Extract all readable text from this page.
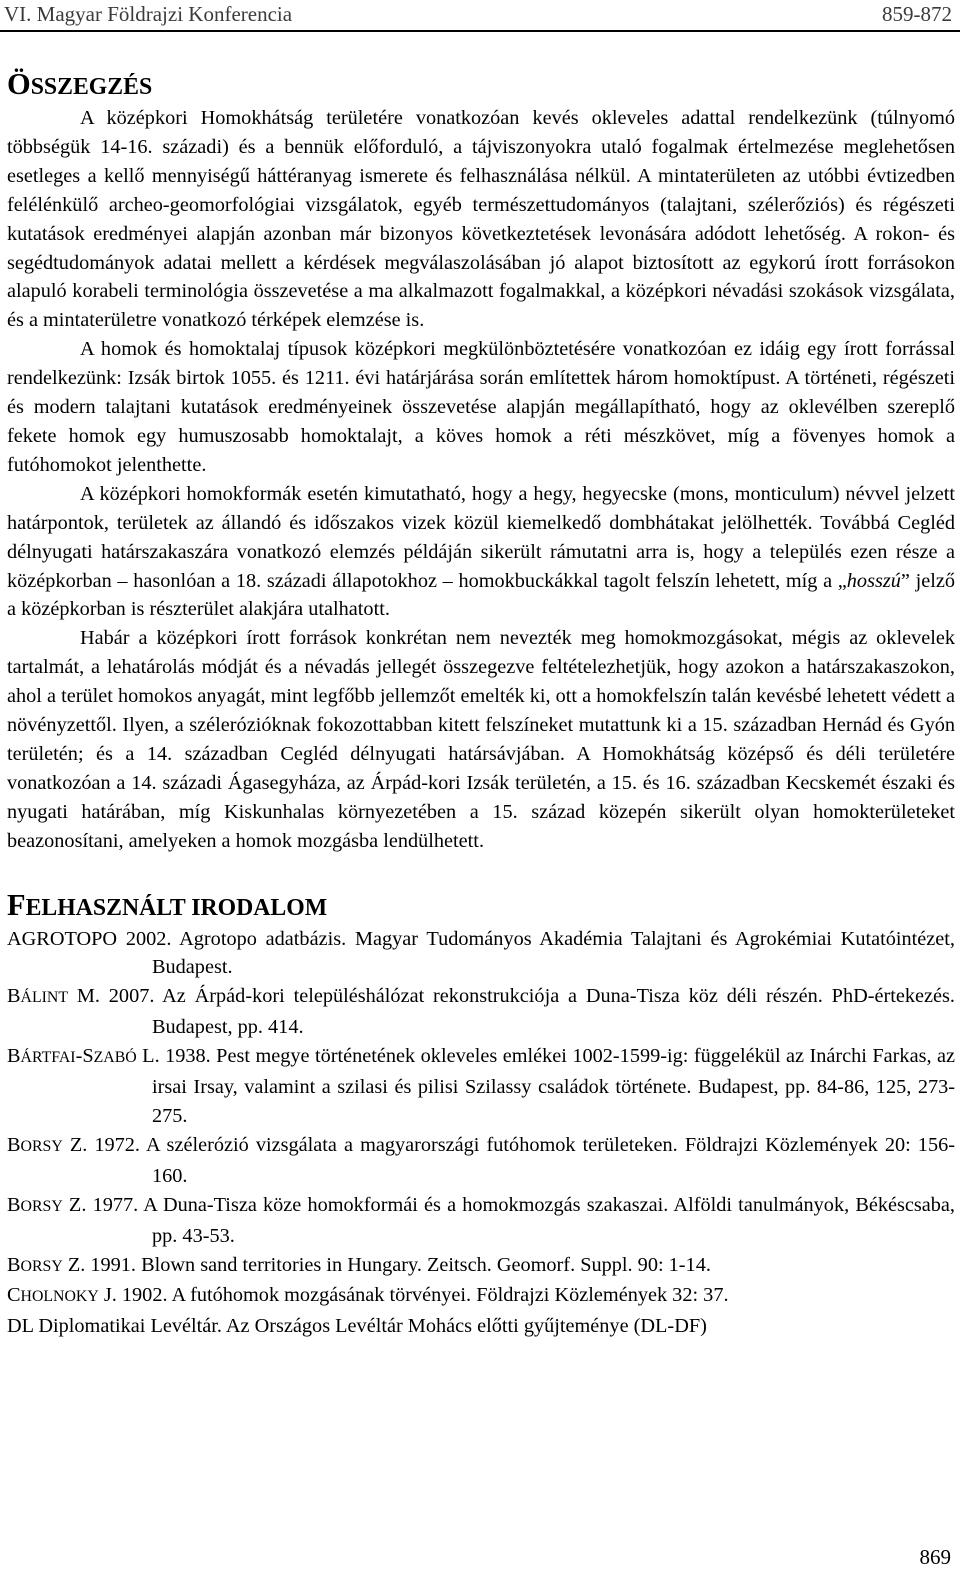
VI. Magyar Földrajzi Konferencia	859-872
ÖSSZEGZÉS

A középkori Homokhátság területére vonatkozóan kevés okleveles adattal rendelkezünk (túlnyomó többségük 14-16. századi) és a bennük előforduló, a tájviszonyokra utaló fogalmak értelmezése meglehetősen esetleges a kellő mennyiségű háttéranyag ismerete és felhasználása nélkül. A mintaterületen az utóbbi évtizedben felélénkülő archeo-geomorfológiai vizsgálatok, egyéb természettudományos (talajtani, szélerőziós) és régészeti kutatások eredményei alapján azonban már bizonyos következtetések levonására adódott lehetőség. A rokon- és segédtudományok adatai mellett a kérdések megválaszolásában jó alapot biztosított az egykorú írott forrásokon alapuló korabeli terminológia összevetése a ma alkalmazott fogalmakkal, a középkori névadási szokások vizsgálata, és a mintaterületre vonatkozó térképek elemzése is.

A homok és homoktalaj típusok középkori megkülönböztetésére vonatkozóan ez idáig egy írott forrással rendelkezünk: Izsák birtok 1055. és 1211. évi határjárása során említettek három homoktípust. A történeti, régészeti és modern talajtani kutatások eredményeinek összevetése alapján megállapítható, hogy az oklevélben szereplő fekete homok egy humuszosabb homoktalajt, a köves homok a réti mészkövet, míg a fövenyes homok a futóhomokot jelenthette.

A középkori homokformák esetén kimutatható, hogy a hegy, hegyecske (mons, monticulum) névvel jelzett határpontok, területek az állandó és időszakos vizek közül kiemelkedő dombhátakat jelölhették. Továbbá Cegléd délnyugati határszakaszára vonatkozó elemzés példáján sikerült rámutatni arra is, hogy a település ezen része a középkorban – hasonlóan a 18. századi állapotokhoz – homokbuckákkal tagolt felszín lehetett, míg a „hosszú” jelző a középkorban is részterület alakjára utalhatott.

Habár a középkori írott források konkrétan nem nevezték meg homokmozgásokat, mégis az oklevelek tartalmát, a lehatárolás módját és a névadás jellegét összegezve feltételezhetjük, hogy azokon a határszakaszokon, ahol a terület homokos anyagát, mint legfőbb jellemzőt emelték ki, ott a homokfelszín talán kevésbé lehetett védett a növényzettől. Ilyen, a szélerózióknak fokozottabban kitett felszíneket mutattunk ki a 15. században Hernád és Gyón területén; és a 14. században Cegléd délnyugati határsávjában. A Homokhátság középső és déli területére vonatkozóan a 14. századi Ágasegyháza, az Árpád-kori Izsák területén, a 15. és 16. században Kecskemét északi és nyugati határában, míg Kiskunhalas környezetében a 15. század közepén sikerült olyan homokterületeket beazonosítani, amelyeken a homok mozgásba lendülhetett.

FELHASZNÁLT IRODALOM

AGROTOPO 2002. Agrotopo adatbázis. Magyar Tudományos Akadémia Talajtani és Agrokémiai Kutatóintézet, Budapest.

BÁLINT M. 2007. Az Árpád-kori településhálózat rekonstrukciója a Duna-Tisza köz déli részén. PhD-értekezés. Budapest, pp. 414.

BÁRTFAI-SZABÓ L. 1938. Pest megye történetének okleveles emlékei 1002-1599-ig: függelékül az Inárchi Farkas, az irsai Irsay, valamint a szilasi és pilisi Szilassy családok története. Budapest, pp. 84-86, 125, 273-275.

BORSY Z. 1972. A szélerózió vizsgálata a magyarországi futóhomok területeken. Földrajzi Közlemények 20: 156-160.

BORSY Z. 1977. A Duna-Tisza köze homokformái és a homokmozgás szakaszai. Alföldi tanulmányok, Békéscsaba, pp. 43-53.

BORSY Z. 1991. Blown sand territories in Hungary. Zeitsch. Geomorf. Suppl. 90: 1-14.

CHOLNOKY J. 1902. A futóhomok mozgásának törvényei. Földrajzi Közlemények 32: 37.

DL Diplomatikai Levéltár. Az Országos Levéltár Mohács előtti gyűjteménye (DL-DF)

869
